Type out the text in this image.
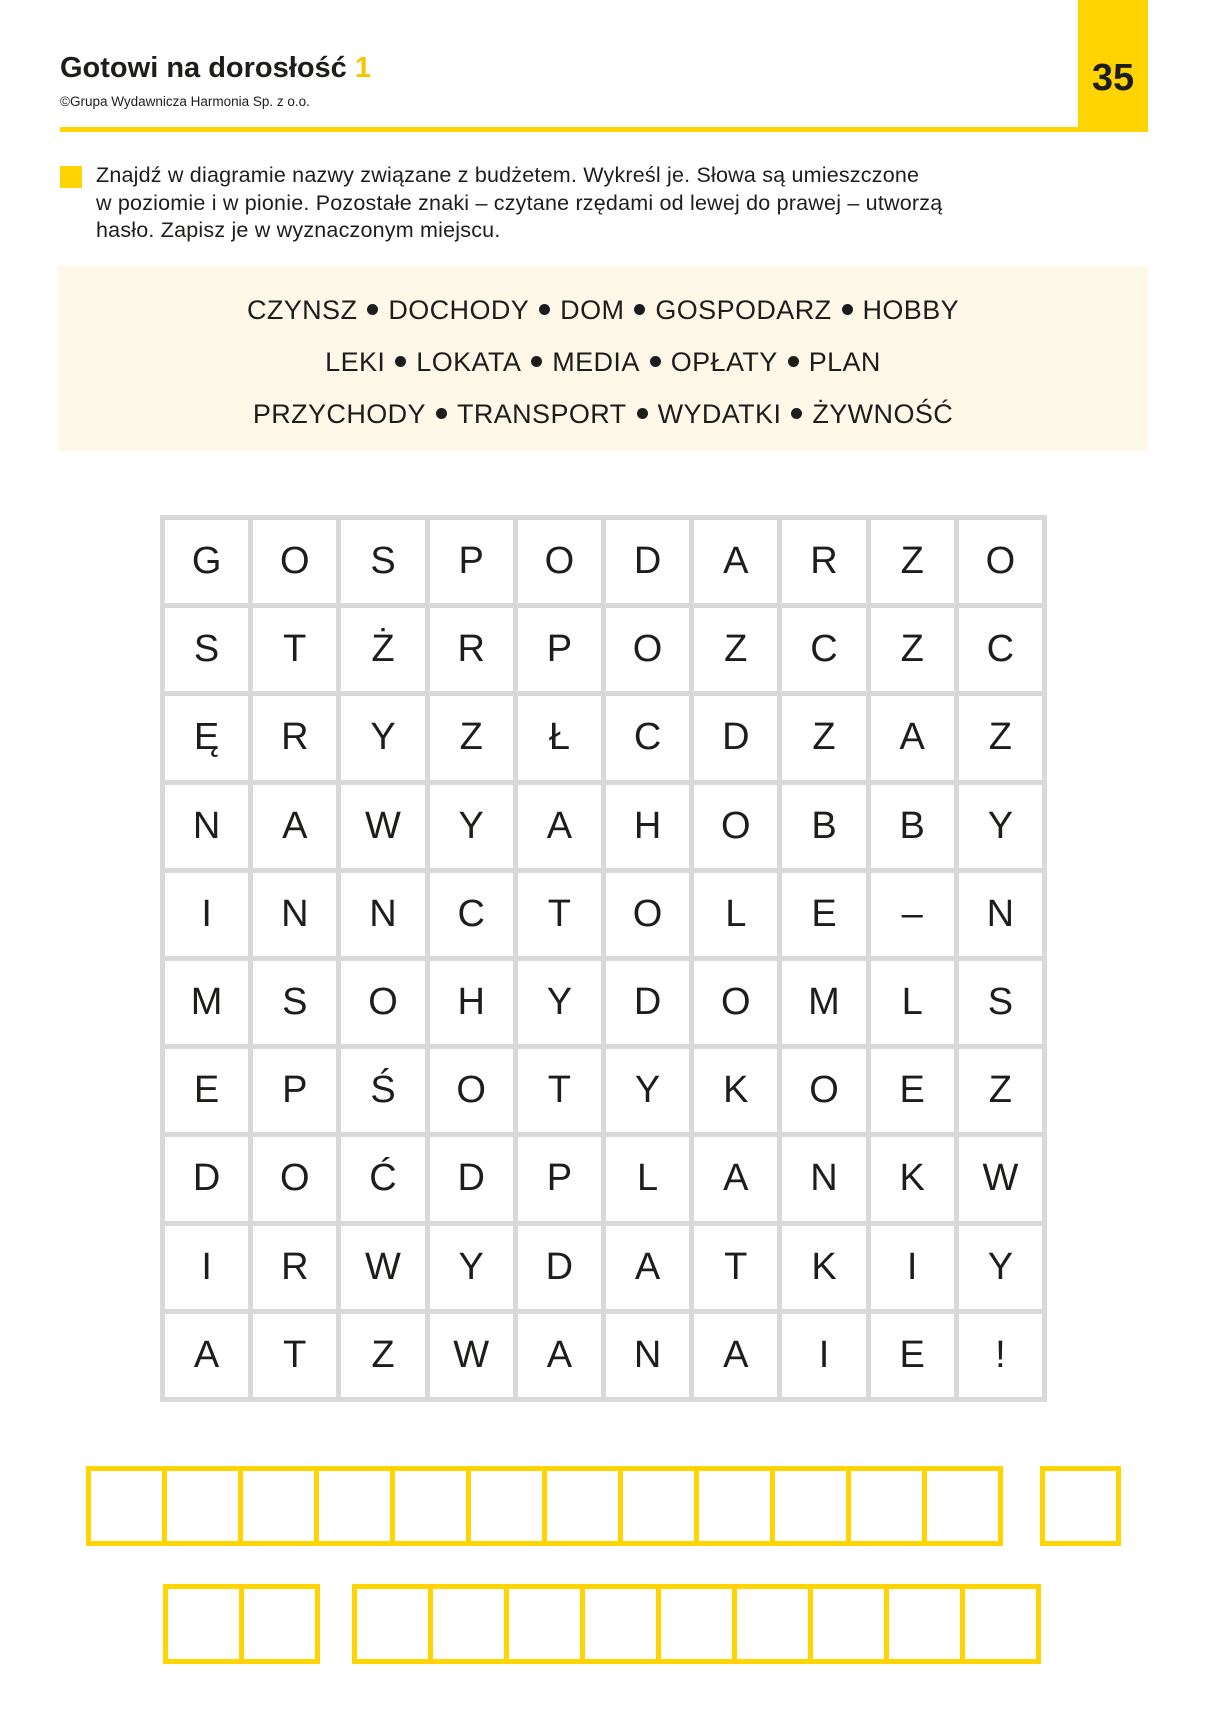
Gotowi na dorosłość 1
©Grupa Wydawnicza Harmonia Sp. z o.o.
35
Znajdź w diagramie nazwy związane z budżetem. Wykreśl je. Słowa są umieszczone
w poziomie i w pionie. Pozostałe znaki – czytane rzędami od lewej do prawej – utworzą
hasło. Zapisz je w wyznaczonym miejscu.
CZYNSZ DOCHODY DOM GOSPODARZ HOBBY
LEKI LOKATA MEDIA OPŁATY PLAN
PRZYCHODY TRANSPORT WYDATKI ŻYWNOŚĆ
G	O	S	P	O	D	A	R	Z	O
S	T	Ż	R	P	O	Z	C	Z	C
Ę	R	Y	Z	Ł	C	D	Z	A	Z
N	A	W	Y	A	H	O	B	B	Y
I	N	N	C	T	O	L	E	–	N
M	S	O	H	Y	D	O	M	L	S
E	P	Ś	O	T	Y	K	O	E	Z
D	O	Ć	D	P	L	A	N	K	W
I	R	W	Y	D	A	T	K	I	Y
A	T	Z	W	A	N	A	I	E	!
